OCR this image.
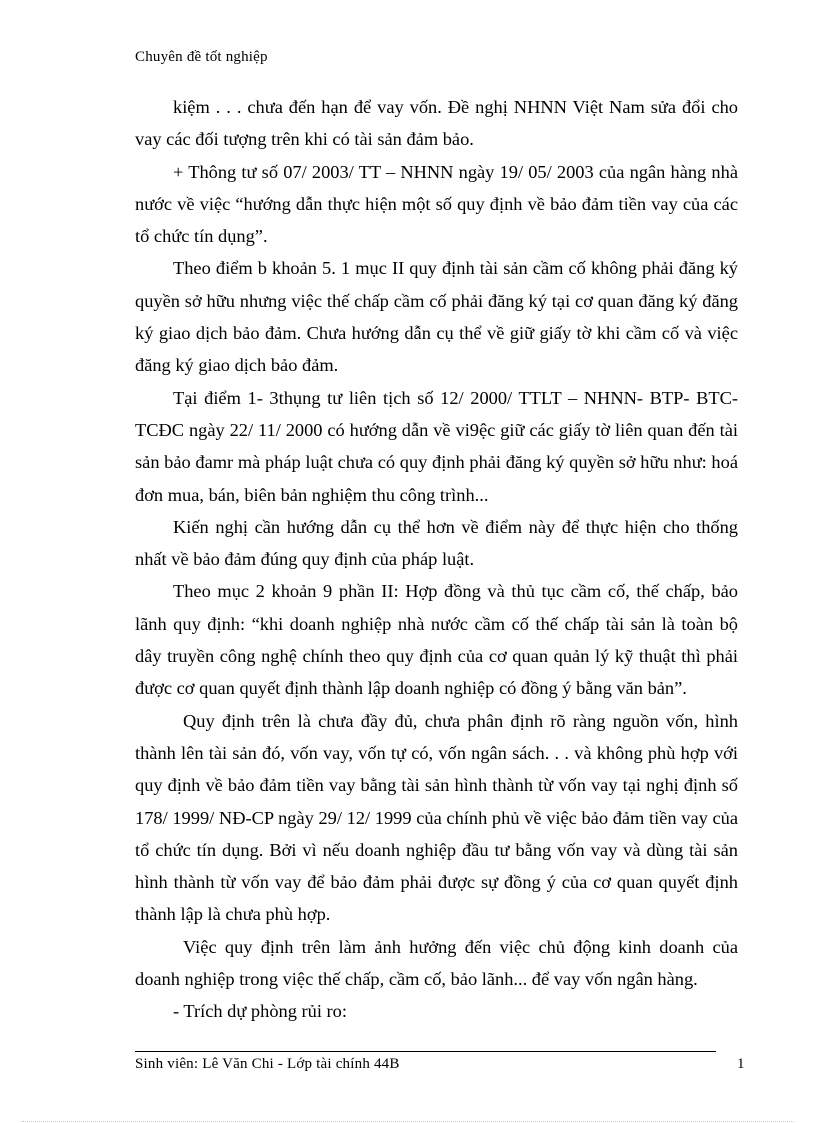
Chuyên đề tốt nghiệp

kiệm . . . chưa đến hạn để vay vốn. Đề nghị NHNN Việt Nam sửa đổi cho vay các đối tượng trên khi có tài sản đảm bảo.

+ Thông tư số 07/ 2003/ TT – NHNN ngày 19/ 05/ 2003 của ngân hàng nhà nước về việc “hướng dẫn thực hiện một số quy định về bảo đảm tiền vay của các tổ chức tín dụng”.

Theo điểm b khoản 5. 1 mục II quy định tài sản cầm cố không phải đăng ký quyền sở hữu nhưng việc thế chấp cầm cố phải đăng ký tại cơ quan đăng ký đăng ký giao dịch bảo đảm. Chưa hướng dẫn cụ thể về giữ giấy tờ khi cầm cố và việc đăng ký giao dịch bảo đảm.

Tại điểm 1- 3thụng tư liên tịch số 12/ 2000/ TTLT – NHNN- BTP- BTC- TCĐC ngày 22/ 11/ 2000 có hướng dẫn về vi9ệc giữ các giấy tờ liên quan đến tài sản bảo đamr mà pháp luật chưa có quy định phải đăng ký quyền sở hữu như: hoá đơn mua, bán, biên bản nghiệm thu công trình...

Kiến nghị cần hướng dẫn cụ thể hơn về điểm này để thực hiện cho thống nhất về bảo đảm đúng quy định của pháp luật.

Theo mục 2 khoản 9 phần II: Hợp đồng và thủ tục cầm cố, thế chấp, bảo lãnh quy định: “khi doanh nghiệp nhà nước cầm cố thế chấp tài sản là toàn bộ dây truyền công nghệ chính theo quy định của cơ quan quản lý kỹ thuật thì phải được cơ quan quyết định thành lập doanh nghiệp có đồng ý bằng văn bản”.

Quy định trên là chưa đầy đủ, chưa phân định rõ ràng nguồn vốn, hình thành lên tài sản đó, vốn vay, vốn tự có, vốn ngân sách. . . và không phù hợp với quy định về bảo đảm tiền vay bằng tài sản hình thành từ vốn vay tại nghị định số 178/ 1999/ NĐ-CP ngày 29/ 12/ 1999 của chính phủ về việc bảo đảm tiền vay của tổ chức tín dụng. Bởi vì nếu doanh nghiệp đầu tư bằng vốn vay và dùng tài sản hình thành từ vốn vay để bảo đảm phải được sự đồng ý của cơ quan quyết định thành lập là chưa phù hợp.

Việc quy định trên làm ảnh hưởng đến việc chủ động kinh doanh của doanh nghiệp trong việc thế chấp, cầm cố, bảo lãnh... để vay vốn ngân hàng.

- Trích dự phòng rủi ro:

Sinh viên: Lê Văn Chi - Lớp tài chính 44B	1
